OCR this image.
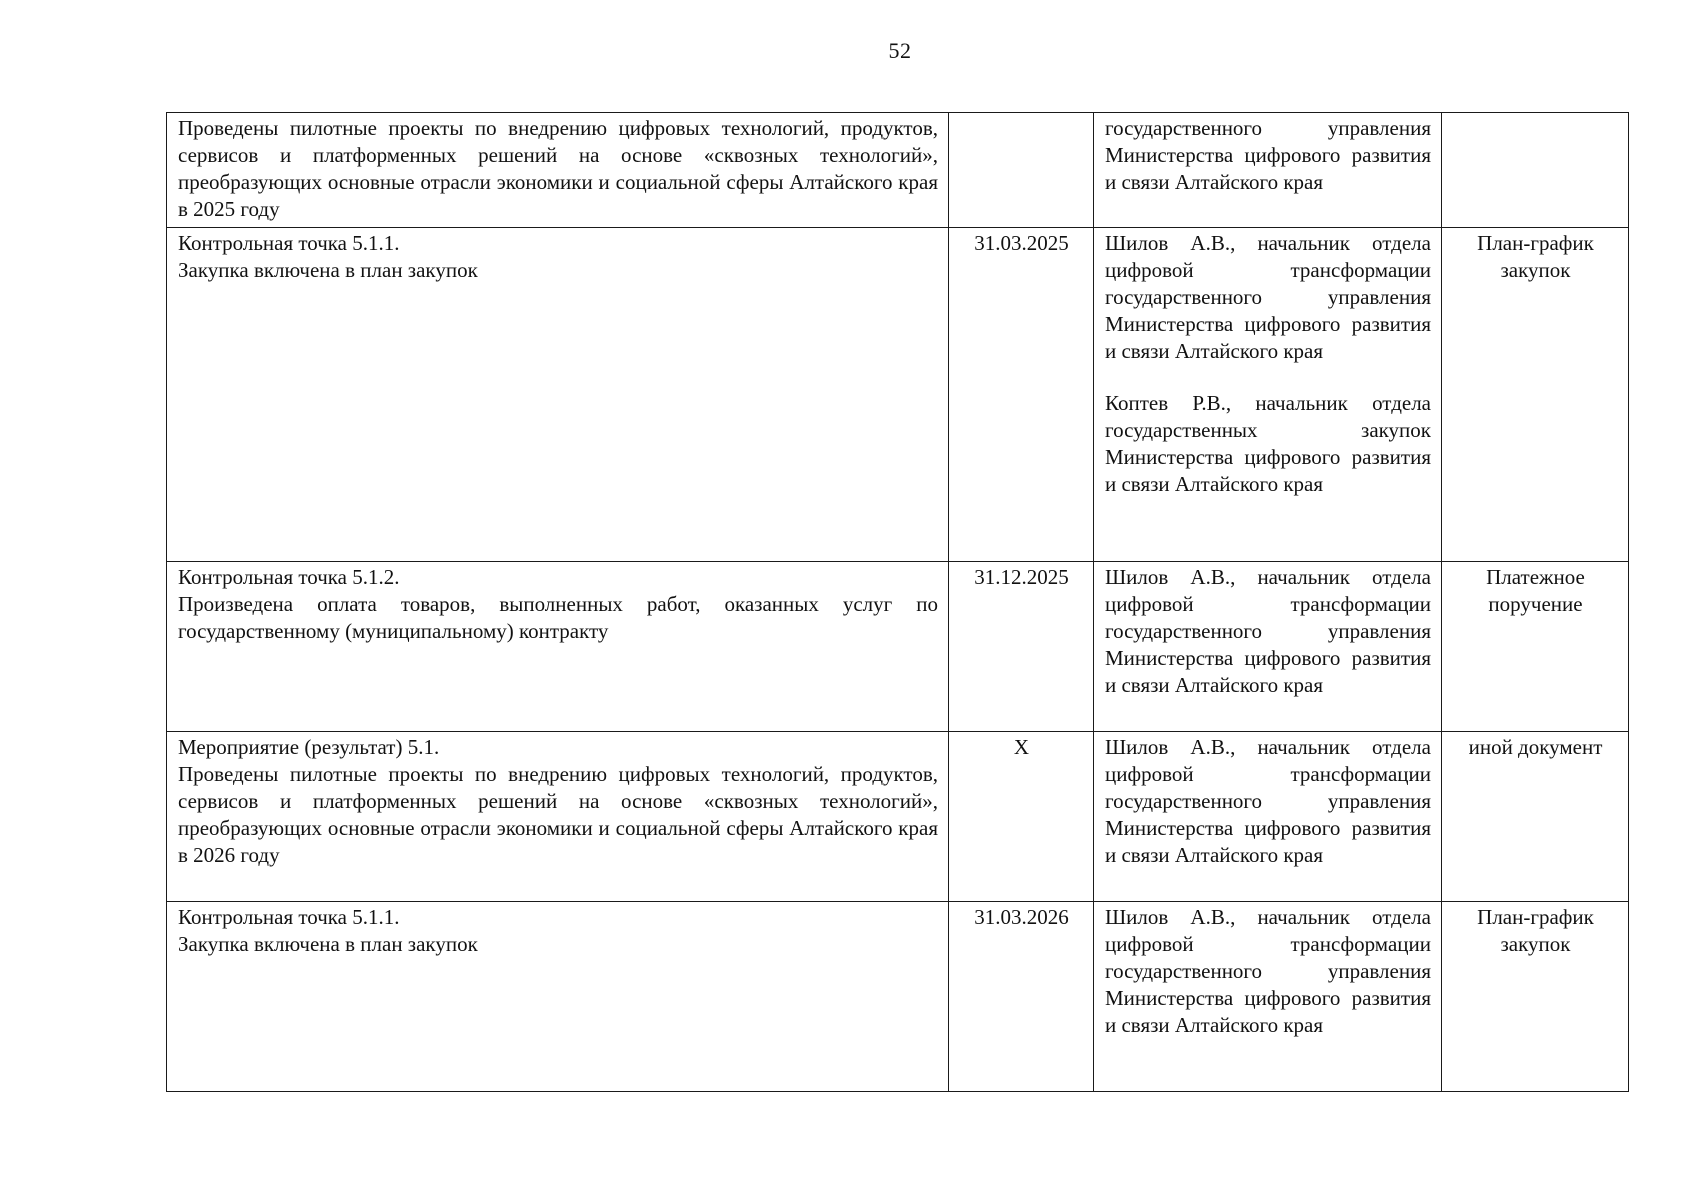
52
Проведены пилотные проекты по внедрению цифровых технологий, продуктов, сервисов и платформенных решений на основе «сквозных технологий», преобразующих основные отрасли экономики и социальной сферы Алтайского края в 2025 году		государственного управления Министерства цифрового развития и связи Алтайского края	

Контрольная точка 5.1.1.
Закупка включена в план закупок	31.03.2025	Шилов А.В., начальник отдела цифровой трансформации государственного управления Министерства цифрового развития и связи Алтайского края
Коптев Р.В., начальник отдела государственных закупок Министерства цифрового развития и связи Алтайского края	План-график закупок

Контрольная точка 5.1.2.
Произведена оплата товаров, выполненных работ, оказанных услуг по государственному (муниципальному) контракту	31.12.2025	Шилов А.В., начальник отдела цифровой трансформации государственного управления Министерства цифрового развития и связи Алтайского края	Платежное поручение

Мероприятие (результат) 5.1.
Проведены пилотные проекты по внедрению цифровых технологий, продуктов, сервисов и платформенных решений на основе «сквозных технологий», преобразующих основные отрасли экономики и социальной сферы Алтайского края в 2026 году	Х	Шилов А.В., начальник отдела цифровой трансформации государственного управления Министерства цифрового развития и связи Алтайского края	иной документ

Контрольная точка 5.1.1.
Закупка включена в план закупок	31.03.2026	Шилов А.В., начальник отдела цифровой трансформации государственного управления Министерства цифрового развития и связи Алтайского края	План-график закупок
